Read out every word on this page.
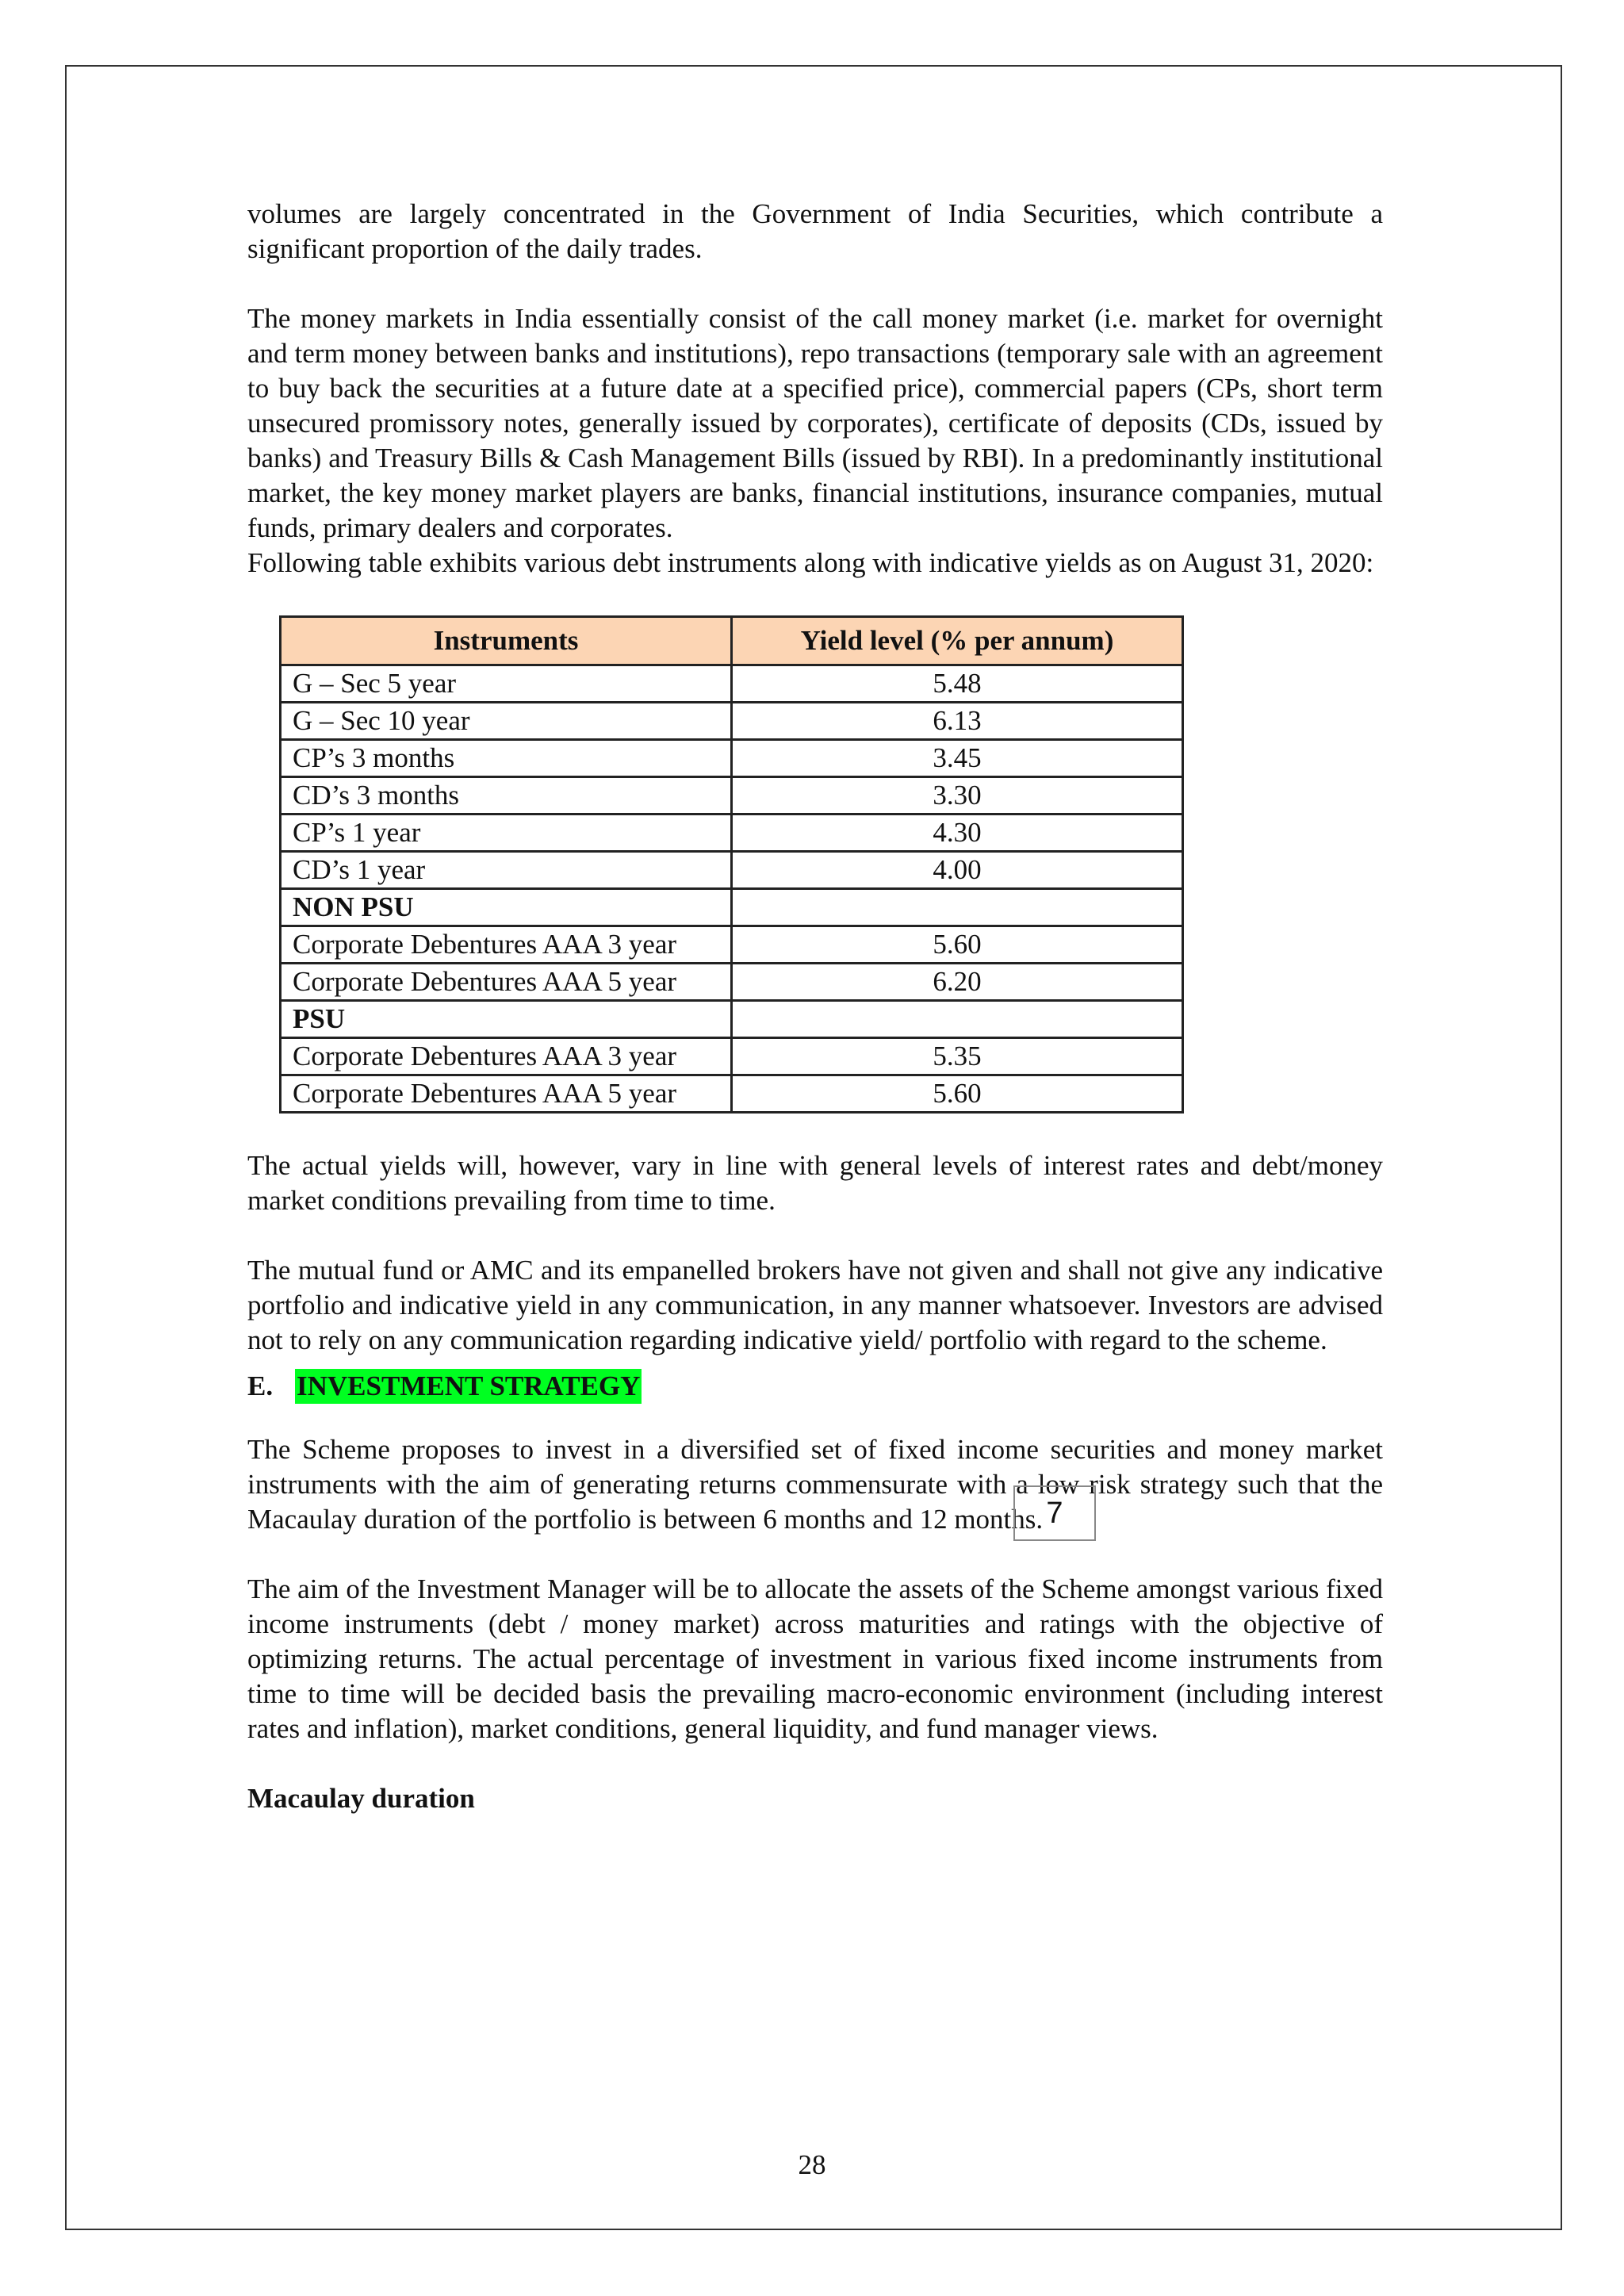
volumes are largely concentrated in the Government of India Securities, which contribute a significant proportion of the daily trades.

The money markets in India essentially consist of the call money market (i.e. market for overnight and term money between banks and institutions), repo transactions (temporary sale with an agreement to buy back the securities at a future date at a specified price), commercial papers (CPs, short term unsecured promissory notes, generally issued by corporates), certificate of deposits (CDs, issued by banks) and Treasury Bills & Cash Management Bills (issued by RBI). In a predominantly institutional market, the key money market players are banks, financial institutions, insurance companies, mutual funds, primary dealers and corporates.

Following table exhibits various debt instruments along with indicative yields as on August 31, 2020:

Instruments	Yield level (% per annum)
G – Sec 5 year	5.48
G – Sec 10 year	6.13
CP’s 3 months	3.45
CD’s 3 months	3.30
CP’s 1 year	4.30
CD’s 1 year	4.00
NON PSU	
Corporate Debentures AAA 3 year	5.60
Corporate Debentures AAA 5 year	6.20
PSU	
Corporate Debentures AAA 3 year	5.35
Corporate Debentures AAA 5 year	5.60

The actual yields will, however, vary in line with general levels of interest rates and debt/money market conditions prevailing from time to time.

The mutual fund or AMC and its empanelled brokers have not given and shall not give any indicative portfolio and indicative yield in any communication, in any manner whatsoever. Investors are advised not to rely on any communication regarding indicative yield/ portfolio with regard to the scheme.

E. INVESTMENT STRATEGY

The Scheme proposes to invest in a diversified set of fixed income securities and money market instruments with the aim of generating returns commensurate with a low risk strategy such that the Macaulay duration of the portfolio is between 6 months and 12 months.

The aim of the Investment Manager will be to allocate the assets of the Scheme amongst various fixed income instruments (debt / money market) across maturities and ratings with the objective of optimizing returns. The actual percentage of investment in various fixed income instruments from time to time will be decided basis the prevailing macro-economic environment (including interest rates and inflation), market conditions, general liquidity, and fund manager views.

Macaulay duration

7
28
